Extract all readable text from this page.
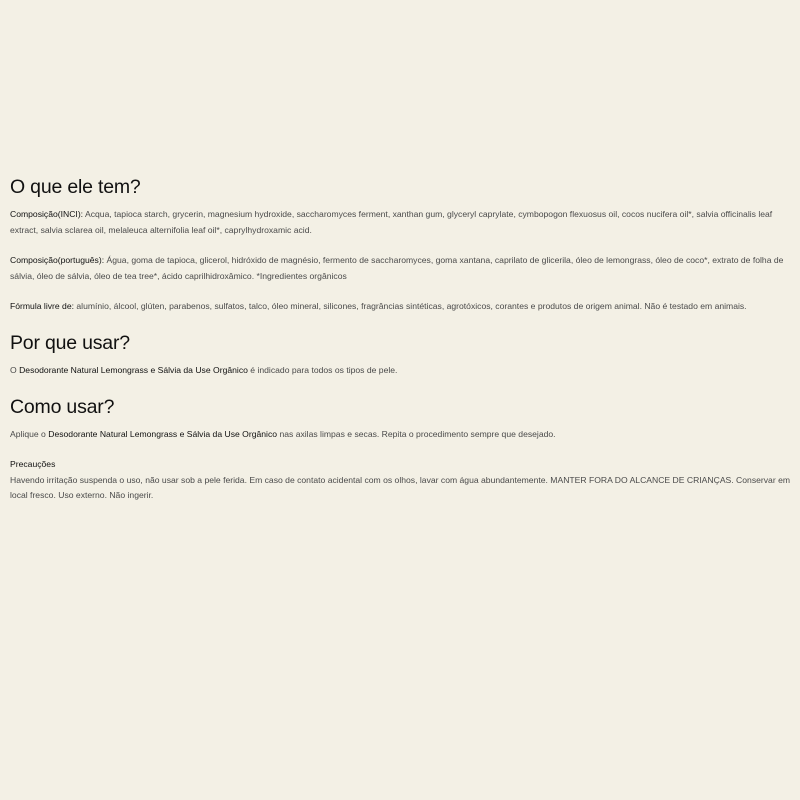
O que ele tem?

Composição(INCI): Acqua, tapioca starch, grycerin, magnesium hydroxide, saccharomyces ferment, xanthan gum, glyceryl caprylate, cymbopogon flexuosus oil, cocos nucifera oil*, salvia officinalis leaf extract, salvia sclarea oil, melaleuca alternifolia leaf oil*, caprylhydroxamic acid.

Composição(português): Água, goma de tapioca, glicerol, hidróxido de magnésio, fermento de saccharomyces, goma xantana, caprilato de glicerila, óleo de lemongrass, óleo de coco*, extrato de folha de sálvia, óleo de sálvia, óleo de tea tree*, ácido caprilhidroxâmico. *Ingredientes orgânicos

Fórmula livre de: alumínio, álcool, glúten, parabenos, sulfatos, talco, óleo mineral, silicones, fragrâncias sintéticas, agrotóxicos, corantes e produtos de origem animal. Não é testado em animais.

Por que usar?

O Desodorante Natural Lemongrass e Sálvia da Use Orgânico é indicado para todos os tipos de pele.

Como usar?

Aplique o Desodorante Natural Lemongrass e Sálvia da Use Orgânico nas axilas limpas e secas. Repita o procedimento sempre que desejado.

Precauções

Havendo irritação suspenda o uso, não usar sob a pele ferida. Em caso de contato acidental com os olhos, lavar com água abundantemente. MANTER FORA DO ALCANCE DE CRIANÇAS. Conservar em local fresco. Uso externo. Não ingerir.
